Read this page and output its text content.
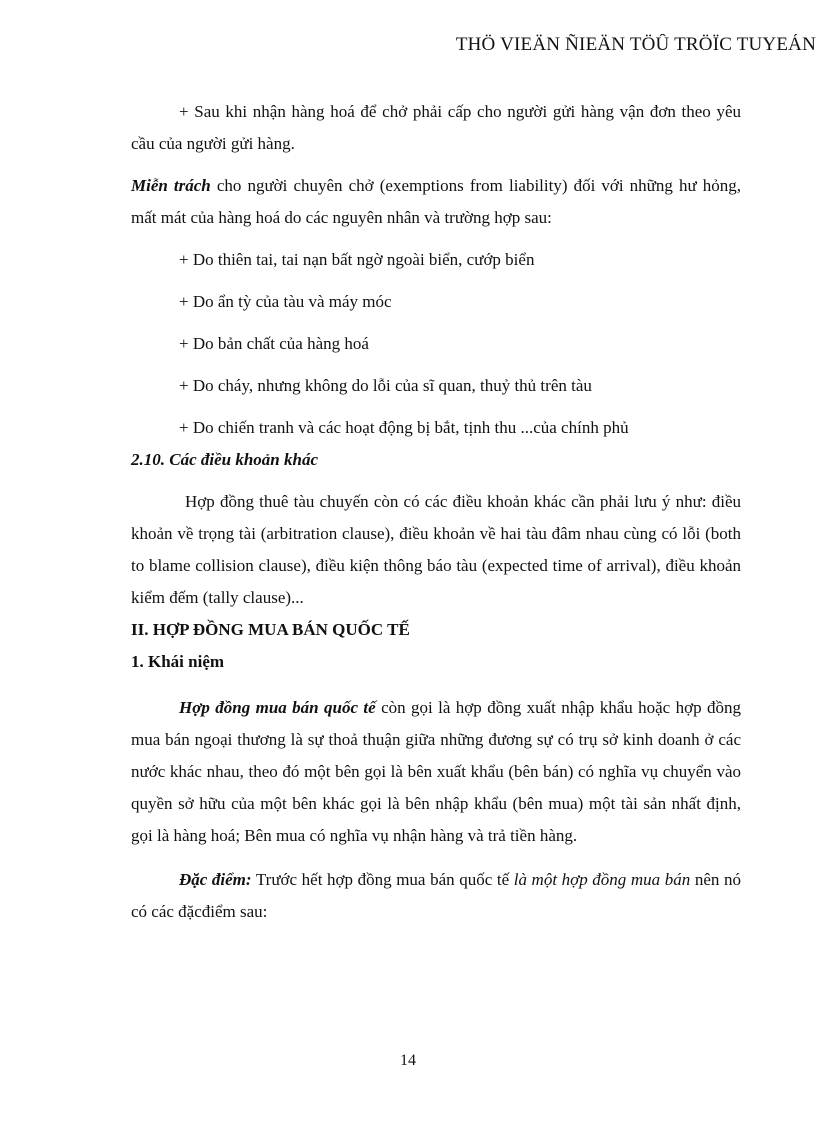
THÖ VIEÄN ÑIEÄN TÖÛ TRÖÏC TUYEÁN

+ Sau khi nhận hàng hoá để chở phải cấp cho người gửi hàng vận đơn theo yêu cầu của người gửi hàng.

Miễn trách cho người chuyên chở (exemptions from liability) đối với những hư hỏng, mất mát của hàng hoá do các nguyên nhân và trường hợp sau:

+ Do thiên tai, tai nạn bất ngờ ngoài biển, cướp biển

+ Do ẩn tỳ của tàu và máy móc

+ Do bản chất của hàng hoá

+ Do cháy, nhưng không do lỗi của sĩ quan, thuỷ thủ trên tàu

+ Do chiến tranh và các hoạt động bị bắt, tịnh thu ...của chính phủ

2.10. Các điều khoản khác

Hợp đồng thuê tàu chuyến còn có các điều khoản khác cần phải lưu ý như: điều khoản về trọng tài (arbitration clause), điều khoản về hai tàu đâm nhau cùng có lỗi (both to blame collision clause), điều kiện thông báo tàu (expected time of arrival), điều khoản kiểm đếm (tally clause)...

II. HỢP ĐỒNG MUA BÁN QUỐC TẾ

1. Khái niệm

Hợp đồng mua bán quốc tế còn gọi là hợp đồng xuất nhập khẩu hoặc hợp đồng mua bán ngoại thương là sự thoả thuận giữa những đương sự có trụ sở kinh doanh ở các nước khác nhau, theo đó một bên gọi là bên xuất khẩu (bên bán) có nghĩa vụ chuyển vào quyền sở hữu của một bên khác gọi là bên nhập khẩu (bên mua) một tài sản nhất định, gọi là hàng hoá; Bên mua có nghĩa vụ nhận hàng và trả tiền hàng.

Đặc điểm: Trước hết hợp đồng mua bán quốc tế là một hợp đồng mua bán nên nó có các đặcđiểm sau:

14
